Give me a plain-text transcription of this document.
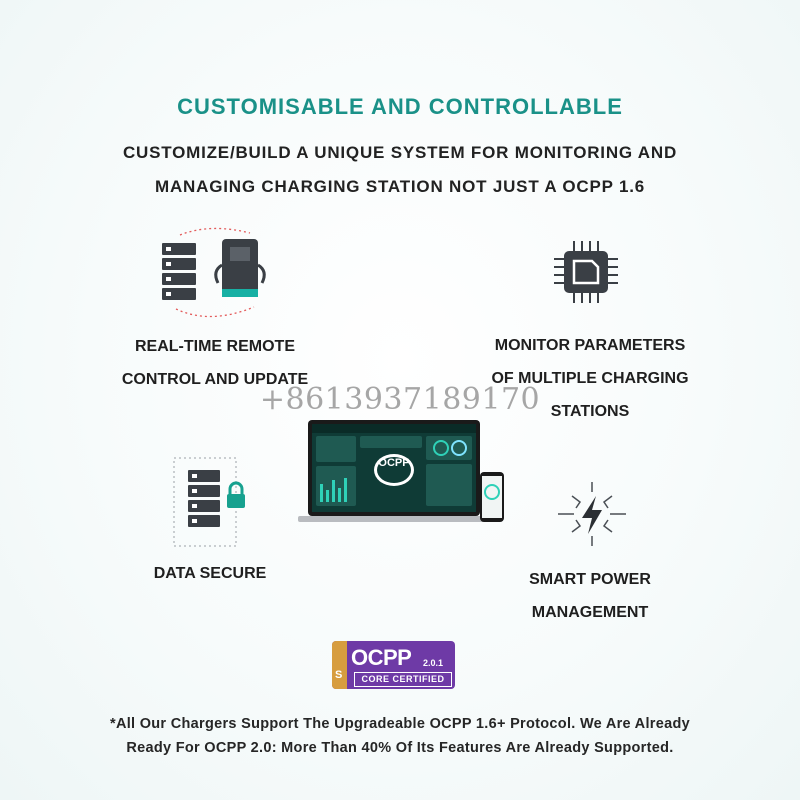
CUSTOMISABLE AND CONTROLLABLE
CUSTOMIZE/BUILD A UNIQUE SYSTEM FOR MONITORING AND
MANAGING CHARGING STATION NOT JUST A OCPP 1.6
REAL-TIME REMOTE
CONTROL AND UPDATE
MONITOR PARAMETERS
OF MULTIPLE CHARGING
STATIONS
+8613937189170
OCPP
DATA SECURE	SMART POWER
MANAGEMENT
S
OCPP 2.0.1
CORE CERTIFIED
*All Our Chargers Support The Upgradeable OCPP 1.6+ Protocol. We Are Already
Ready For OCPP 2.0: More Than 40% Of Its Features Are Already Supported.
